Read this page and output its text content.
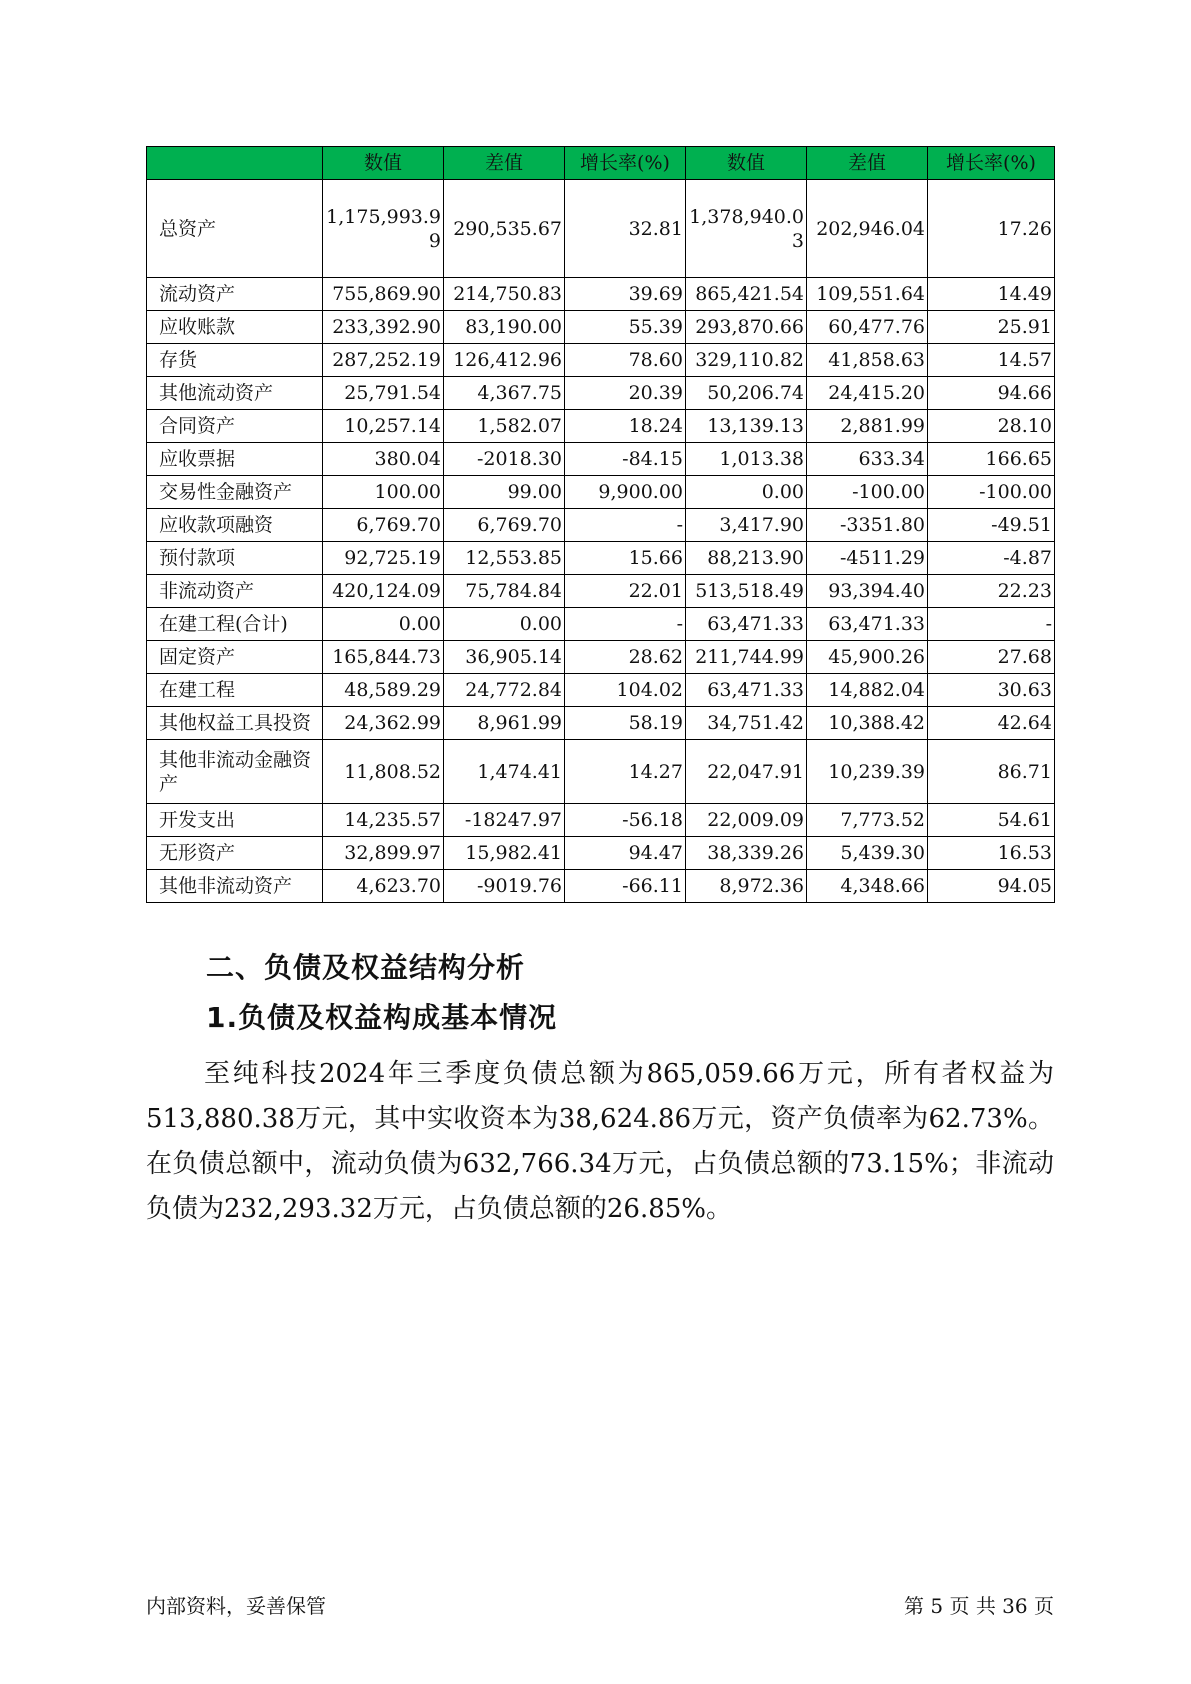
	数值	差值	增长率(%)	数值	差值	增长率(%)
总资产	1,175,993.99	290,535.67	32.81	1,378,940.03	202,946.04	17.26
流动资产	755,869.90	214,750.83	39.69	865,421.54	109,551.64	14.49
应收账款	233,392.90	83,190.00	55.39	293,870.66	60,477.76	25.91
存货	287,252.19	126,412.96	78.60	329,110.82	41,858.63	14.57
其他流动资产	25,791.54	4,367.75	20.39	50,206.74	24,415.20	94.66
合同资产	10,257.14	1,582.07	18.24	13,139.13	2,881.99	28.10
应收票据	380.04	-2018.30	-84.15	1,013.38	633.34	166.65
交易性金融资产	100.00	99.00	9,900.00	0.00	-100.00	-100.00
应收款项融资	6,769.70	6,769.70	-	3,417.90	-3351.80	-49.51
预付款项	92,725.19	12,553.85	15.66	88,213.90	-4511.29	-4.87
非流动资产	420,124.09	75,784.84	22.01	513,518.49	93,394.40	22.23
在建工程(合计)	0.00	0.00	-	63,471.33	63,471.33	-
固定资产	165,844.73	36,905.14	28.62	211,744.99	45,900.26	27.68
在建工程	48,589.29	24,772.84	104.02	63,471.33	14,882.04	30.63
其他权益工具投资	24,362.99	8,961.99	58.19	34,751.42	10,388.42	42.64
其他非流动金融资产	11,808.52	1,474.41	14.27	22,047.91	10,239.39	86.71
开发支出	14,235.57	-18247.97	-56.18	22,009.09	7,773.52	54.61
无形资产	32,899.97	15,982.41	94.47	38,339.26	5,439.30	16.53
其他非流动资产	4,623.70	-9019.76	-66.11	8,972.36	4,348.66	94.05
二、负债及权益结构分析
1.负债及权益构成基本情况

至纯科技2024年三季度负债总额为865,059.66万元，所有者权益为513,880.38万元，其中实收资本为38,624.86万元，资产负债率为62.73%。在负债总额中，流动负债为632,766.34万元，占负债总额的73.15%；非流动负债为232,293.32万元，占负债总额的26.85%。

内部资料，妥善保管	第 5 页 共 36 页
